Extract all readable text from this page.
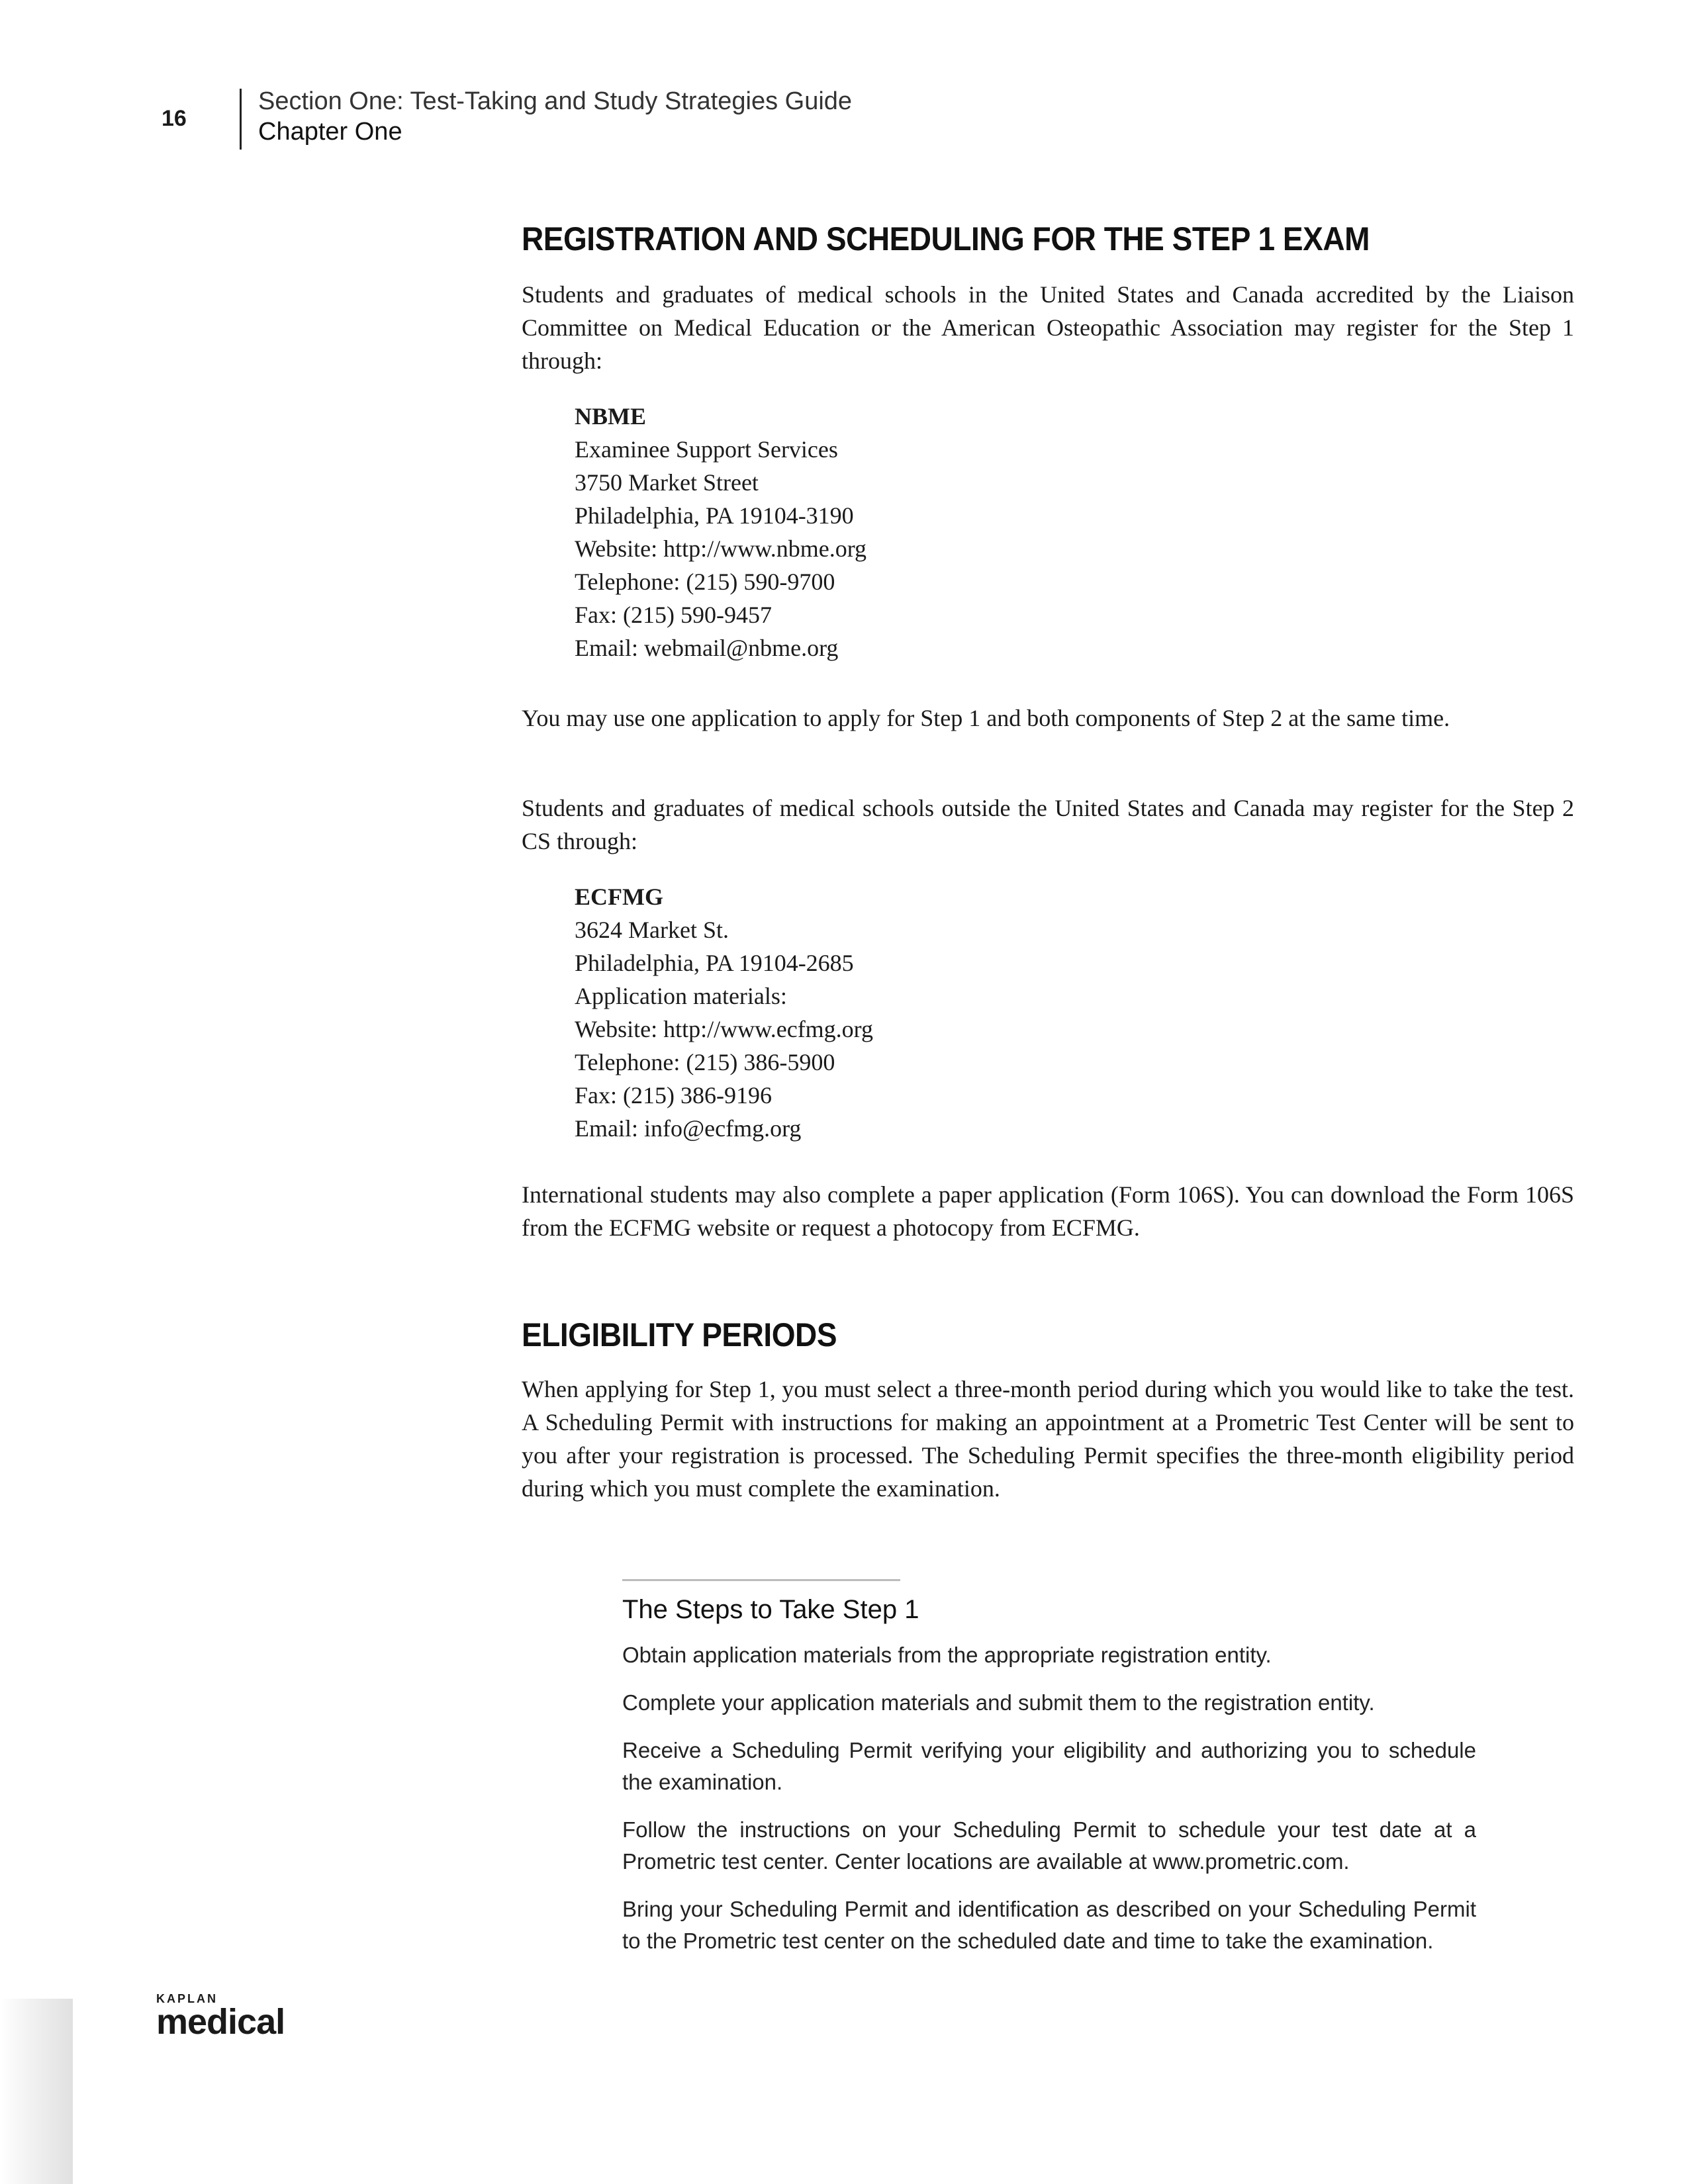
16
Section One: Test-Taking and Study Strategies Guide
Chapter One
REGISTRATION AND SCHEDULING FOR THE STEP 1 EXAM

Students and graduates of medical schools in the United States and Canada accredited by the Liaison Committee on Medical Education or the American Osteopathic Association may register for the Step 1 through:

NBME
Examinee Support Services
3750 Market Street
Philadelphia, PA 19104-3190
Website: http://www.nbme.org
Telephone: (215) 590-9700
Fax: (215) 590-9457
Email: webmail@nbme.org

You may use one application to apply for Step 1 and both components of Step 2 at the same time.

Students and graduates of medical schools outside the United States and Canada may register for the Step 2 CS through:

ECFMG
3624 Market St.
Philadelphia, PA 19104-2685
Application materials:
Website: http://www.ecfmg.org
Telephone: (215) 386-5900
Fax: (215) 386-9196
Email: info@ecfmg.org

International students may also complete a paper application (Form 106S). You can download the Form 106S from the ECFMG website or request a photocopy from ECFMG.

ELIGIBILITY PERIODS

When applying for Step 1, you must select a three-month period during which you would like to take the test. A Scheduling Permit with instructions for making an appointment at a Prometric Test Center will be sent to you after your registration is processed. The Scheduling Permit specifies the three-month eligibility period during which you must complete the examination.

The Steps to Take Step 1

Obtain application materials from the appropriate registration entity.

Complete your application materials and submit them to the registration entity.

Receive a Scheduling Permit verifying your eligibility and authorizing you to schedule the examination.

Follow the instructions on your Scheduling Permit to schedule your test date at a Prometric test center. Center locations are available at www.prometric.com.

Bring your Scheduling Permit and identification as described on your Scheduling Permit to the Prometric test center on the scheduled date and time to take the examination.

KAPLAN
medical
